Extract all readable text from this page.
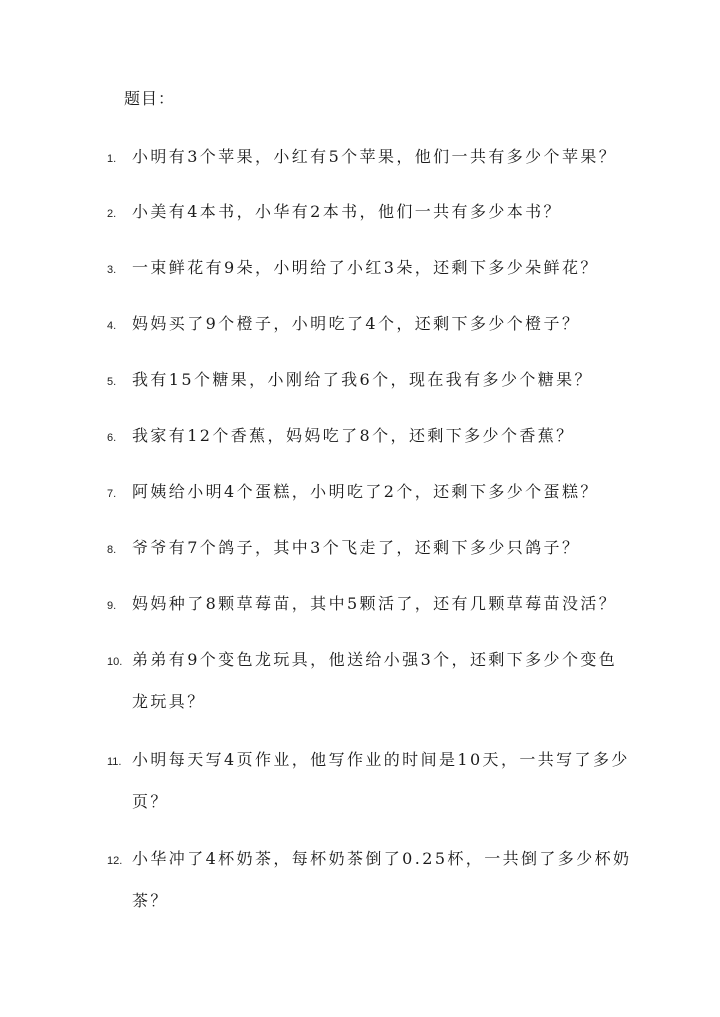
题目：
1. 小明有3个苹果，小红有5个苹果，他们一共有多少个苹果？
2. 小美有4本书，小华有2本书，他们一共有多少本书？
3. 一束鲜花有9朵，小明给了小红3朵，还剩下多少朵鲜花？
4. 妈妈买了9个橙子，小明吃了4个，还剩下多少个橙子？
5. 我有15个糖果，小刚给了我6个，现在我有多少个糖果？
6. 我家有12个香蕉，妈妈吃了8个，还剩下多少个香蕉？
7. 阿姨给小明4个蛋糕，小明吃了2个，还剩下多少个蛋糕？
8. 爷爷有7个鸽子，其中3个飞走了，还剩下多少只鸽子？
9. 妈妈种了8颗草莓苗，其中5颗活了，还有几颗草莓苗没活？
10. 弟弟有9个变色龙玩具，他送给小强3个，还剩下多少个变色龙玩具？
11. 小明每天写4页作业，他写作业的时间是10天，一共写了多少页？
12. 小华冲了4杯奶茶，每杯奶茶倒了0.25杯，一共倒了多少杯奶茶？
